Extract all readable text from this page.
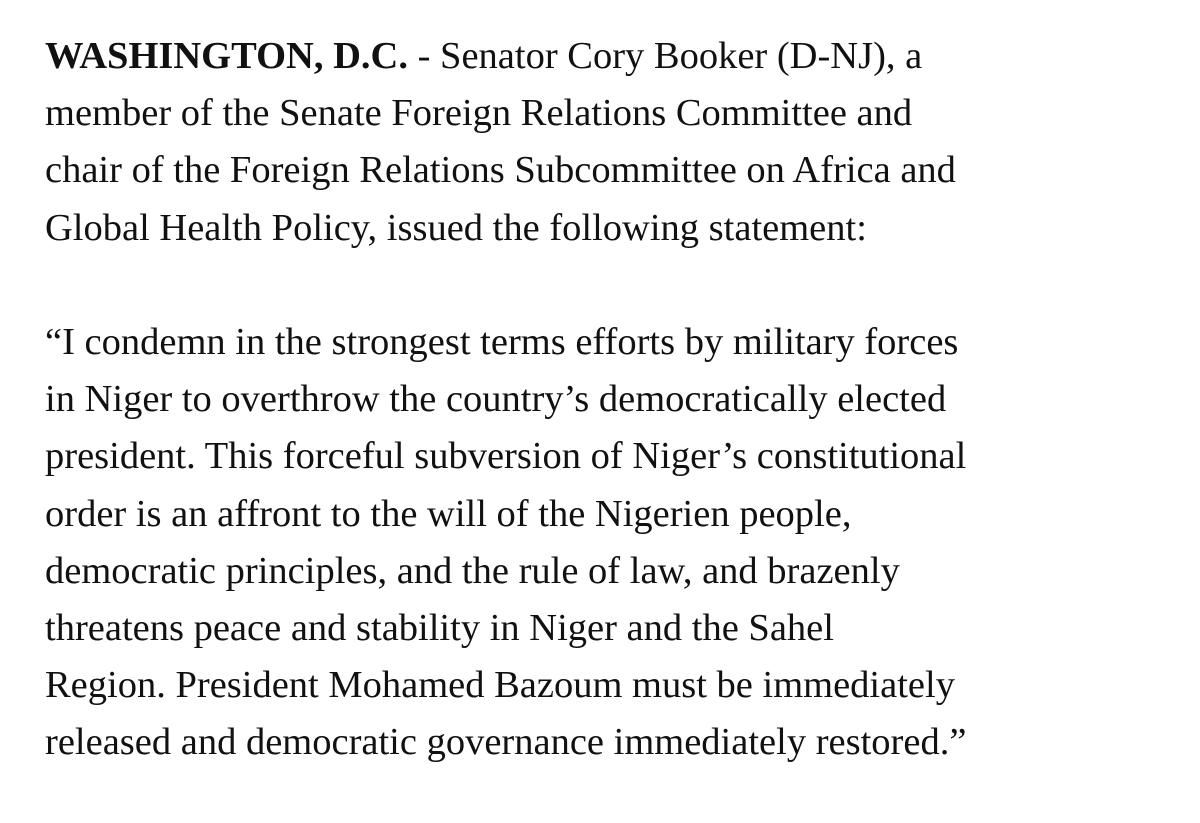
WASHINGTON, D.C. - Senator Cory Booker (D-NJ), a
member of the Senate Foreign Relations Committee and
chair of the Foreign Relations Subcommittee on Africa and
Global Health Policy, issued the following statement:
“I condemn in the strongest terms efforts by military forces
in Niger to overthrow the country’s democratically elected
president. This forceful subversion of Niger’s constitutional
order is an affront to the will of the Nigerien people,
democratic principles, and the rule of law, and brazenly
threatens peace and stability in Niger and the Sahel
Region. President Mohamed Bazoum must be immediately
released and democratic governance immediately restored.”
